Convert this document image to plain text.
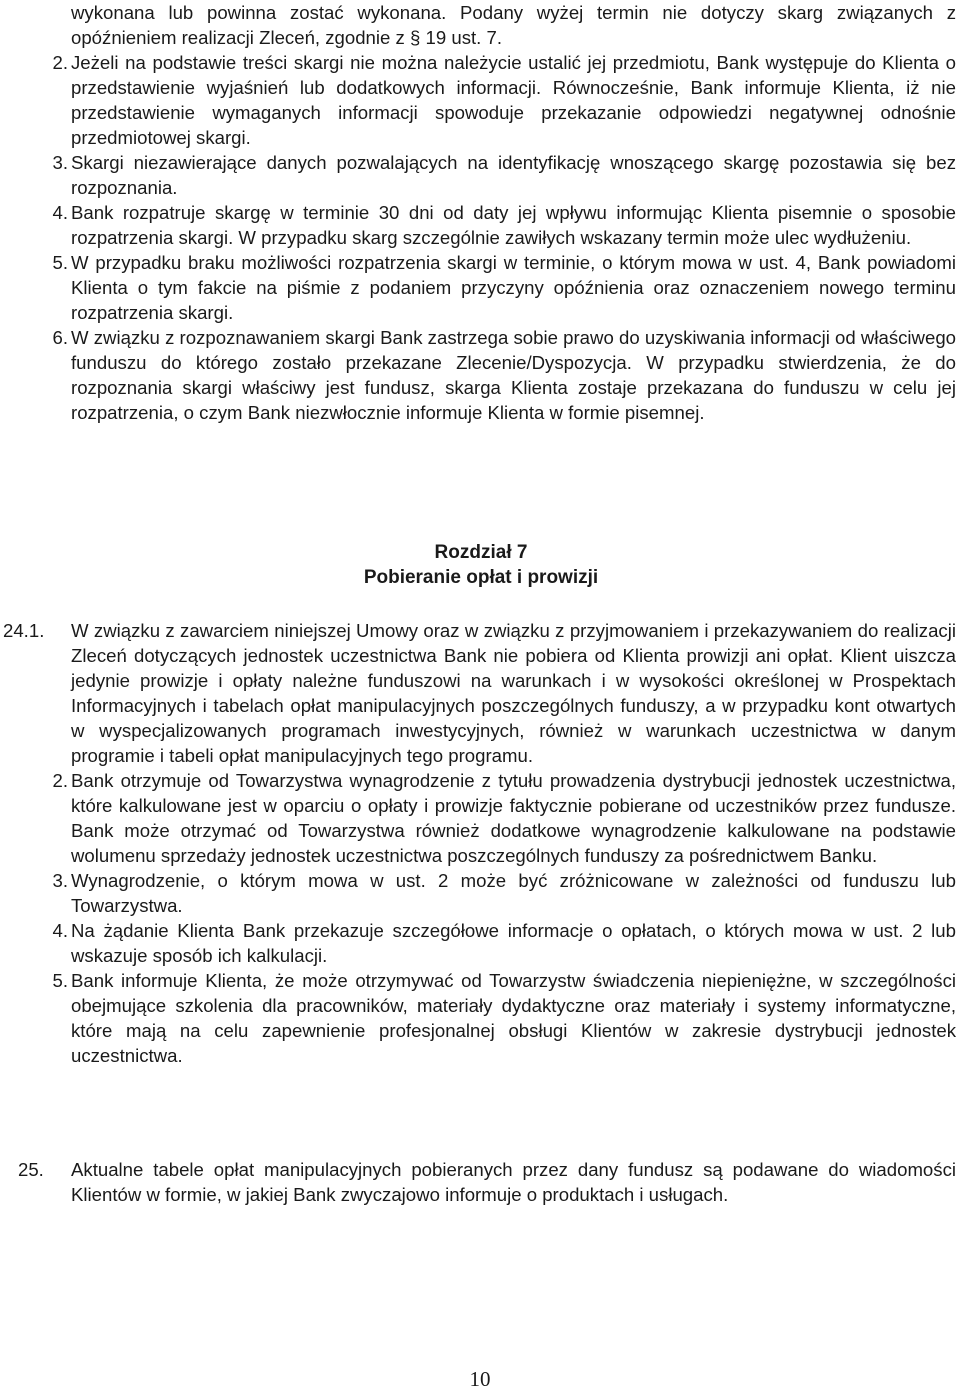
wykonana lub powinna zostać wykonana. Podany wyżej termin nie dotyczy skarg związanych z opóźnieniem realizacji Zleceń, zgodnie z § 19 ust. 7.

2. Jeżeli na podstawie treści skargi nie można należycie ustalić jej przedmiotu, Bank występuje do Klienta o przedstawienie wyjaśnień lub dodatkowych informacji. Równocześnie, Bank informuje Klienta, iż nie przedstawienie wymaganych informacji spowoduje przekazanie odpowiedzi negatywnej odnośnie przedmiotowej skargi.

3. Skargi niezawierające danych pozwalających na identyfikację wnoszącego skargę pozostawia się bez rozpoznania.

4. Bank rozpatruje skargę w terminie 30 dni od daty jej wpływu informując Klienta pisemnie o sposobie rozpatrzenia skargi. W przypadku skarg szczególnie zawiłych wskazany termin może ulec wydłużeniu.

5. W przypadku braku możliwości rozpatrzenia skargi w terminie, o którym mowa w ust. 4, Bank powiadomi Klienta o tym fakcie na piśmie z podaniem przyczyny opóźnienia oraz oznaczeniem nowego terminu rozpatrzenia skargi.

6. W związku z rozpoznawaniem skargi Bank zastrzega sobie prawo do uzyskiwania informacji od właściwego funduszu do którego zostało przekazane Zlecenie/Dyspozycja. W przypadku stwierdzenia, że do rozpoznania skargi właściwy jest fundusz, skarga Klienta zostaje przekazana do funduszu w celu jej rozpatrzenia, o czym Bank niezwłocznie informuje Klienta w formie pisemnej.

Rozdział 7
Pobieranie opłat i prowizji
24.1. W związku z zawarciem niniejszej Umowy oraz w związku z przyjmowaniem i przekazywaniem do realizacji Zleceń dotyczących jednostek uczestnictwa Bank nie pobiera od Klienta prowizji ani opłat. Klient uiszcza jedynie prowizje i opłaty należne funduszowi na warunkach i w wysokości określonej w Prospektach Informacyjnych i tabelach opłat manipulacyjnych poszczególnych funduszy, a w przypadku kont otwartych w wyspecjalizowanych programach inwestycyjnych, również w warunkach uczestnictwa w danym programie i tabeli opłat manipulacyjnych tego programu.

2. Bank otrzymuje od Towarzystwa wynagrodzenie z tytułu prowadzenia dystrybucji jednostek uczestnictwa, które kalkulowane jest w oparciu o opłaty i prowizje faktycznie pobierane od uczestników przez fundusze. Bank może otrzymać od Towarzystwa również dodatkowe wynagrodzenie kalkulowane na podstawie wolumenu sprzedaży jednostek uczestnictwa poszczególnych funduszy za pośrednictwem Banku.

3. Wynagrodzenie, o którym mowa w ust. 2 może być zróżnicowane w zależności od funduszu lub Towarzystwa.

4. Na żądanie Klienta Bank przekazuje szczegółowe informacje o opłatach, o których mowa w ust. 2 lub wskazuje sposób ich kalkulacji.

5. Bank informuje Klienta, że może otrzymywać od Towarzystw świadczenia niepieniężne, w szczególności obejmujące szkolenia dla pracowników, materiały dydaktyczne oraz materiały i systemy informatyczne, które mają na celu zapewnienie profesjonalnej obsługi Klientów w zakresie dystrybucji jednostek uczestnictwa.

25. Aktualne tabele opłat manipulacyjnych pobieranych przez dany fundusz są podawane do wiadomości Klientów w formie, w jakiej Bank zwyczajowo informuje o produktach i usługach.

10
